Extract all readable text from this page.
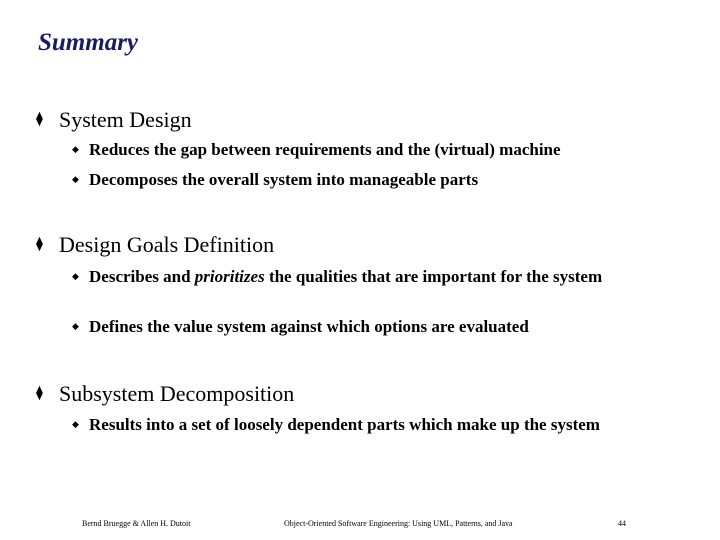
Summary
⧫ System Design
◆ Reduces the gap between requirements and the (virtual) machine
◆ Decomposes the overall system into manageable parts
⧫ Design Goals Definition
◆ Describes and prioritizes the qualities that are important for the system
◆ Defines the value system against which options are evaluated
⧫ Subsystem Decomposition
◆ Results into a set of loosely dependent parts which make up the system
Bernd Bruegge & Allen H. Dutoit	Object-Oriented Software Engineering: Using UML, Patterns, and Java	44
